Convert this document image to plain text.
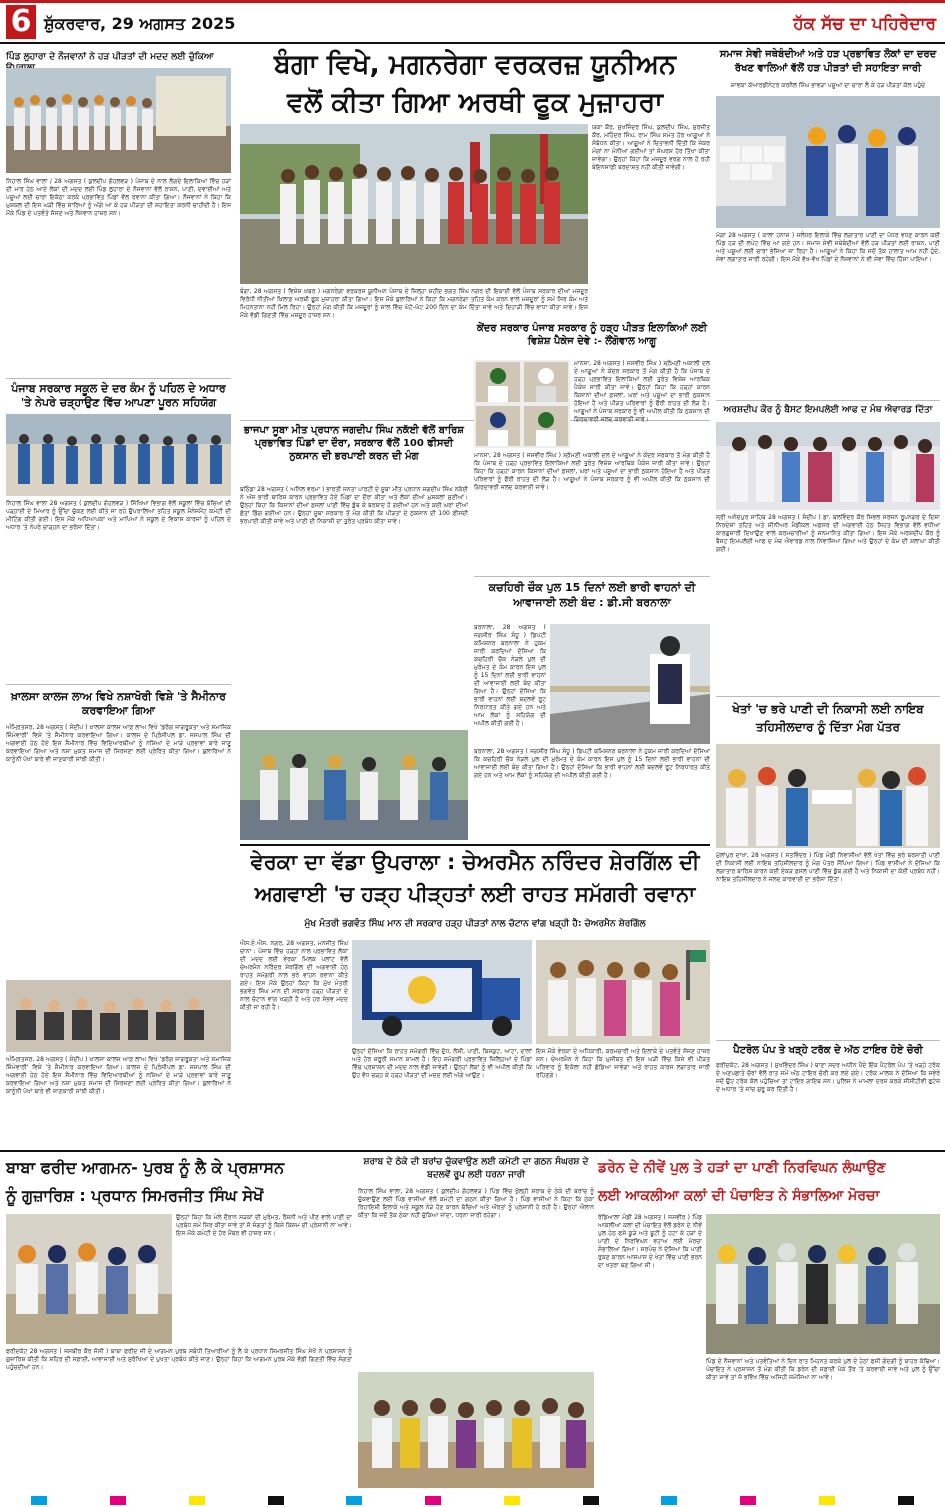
6 ਸ਼ੁੱਕਰਵਾਰ, 29 ਅਗਸਤ 2025	ਹੱਕ ਸੱਚ ਦਾ ਪਹਿਰੇਦਾਰ
ਪਿੰਡ ਲੁਹਾਰਾ ਦੇ ਨੌਜਵਾਨਾਂ ਨੇ ਹੜ ਪੀੜਤਾਂ ਦੀ ਮਦਦ ਲਈ ਚੁੱਕਿਆ
ਨਿਹਾਲ ਸਿੰਘ ਵਾਲਾ / 28 ਅਗਸਤ ( ਕੁਲਦੀਪ ਗੋਹਲਵੜ ) ਪੰਜਾਬ ਦੇ ਨਾਲ ਲੱਗਦੇ ਇਲਾਕਿਆਂ ਵਿੱਚ ਹੜਾਂ ਦੀ ਮਾਰ ਹੇਠ ਆਏ ਲੋਕਾਂ ਦੀ ਮਦਦ ਲਈ ਪਿੰਡ ਲੁਹਾਰਾ ਦੇ ਨੌਜਵਾਨਾਂ ਵੱਲੋਂ ਰਾਸ਼ਨ, ਪਾਣੀ, ਦਵਾਈਆਂ ਅਤੇ ਪਸ਼ੂਆਂ ਲਈ ਚਾਰਾ ਇਕੱਠਾ ਕਰਕੇ ਪ੍ਰਭਾਵਿਤ ਪਿੰਡਾਂ ਵੱਲ ਰਵਾਨਾ ਕੀਤਾ ਗਿਆ। ਨੌਜਵਾਨਾਂ ਨੇ ਕਿਹਾ ਕਿ ਮੁਸ਼ਕਲ ਦੀ ਇਸ ਘੜੀ ਵਿੱਚ ਸਾਰਿਆਂ ਨੂੰ ਅੱਗੇ ਆ ਕੇ ਹੜ ਪੀੜਤਾਂ ਦੀ ਸਹਾਇਤਾ ਕਰਨੀ ਚਾਹੀਦੀ ਹੈ। ਇਸ ਮੌਕੇ ਪਿੰਡ ਦੇ ਪਤਵੰਤੇ ਸੱਜਣ ਅਤੇ ਨੌਜਵਾਨ ਹਾਜ਼ਰ ਸਨ।
ਪੰਜਾਬ ਸਰਕਾਰ ਸਕੂਲ ਦੇ ਦਰ ਕੰਮ ਨੂੰ ਪਹਿਲ ਦੇ ਅਧਾਰ 'ਤੇ ਨੇਪਰੇ ਚੜ੍ਹਾਉਣ ਵਿੱਚ ਆਪਣਾ ਪੂਰਨ ਸਹਿਯੋਗ
ਨਿਹਾਲ ਸਿੰਘ ਵਾਲਾ 28 ਅਗਸਤ ( ਕੁਲਦੀਪ ਗੋਹਲਵੜ ) ਸਿੱਖਿਆ ਵਿਭਾਗ ਵੱਲੋਂ ਸਕੂਲਾਂ ਵਿੱਚ ਬੱਚਿਆਂ ਦੀ ਪੜ੍ਹਾਈ ਦੇ ਮਿਆਰ ਨੂੰ ਉੱਚਾ ਚੁੱਕਣ ਲਈ ਕੀਤੇ ਜਾ ਰਹੇ ਉਪਰਾਲਿਆਂ ਤਹਿਤ ਸਕੂਲ ਮੈਨੇਜਮੈਂਟ ਕਮੇਟੀ ਦੀ ਮੀਟਿੰਗ ਕੀਤੀ ਗਈ। ਇਸ ਮੌਕੇ ਅਧਿਆਪਕਾਂ ਅਤੇ ਮਾਪਿਆਂ ਨੇ ਸਕੂਲ ਦੇ ਵਿਕਾਸ ਕਾਰਜਾਂ ਨੂੰ ਪਹਿਲ ਦੇ ਅਧਾਰ 'ਤੇ ਨੇਪਰੇ ਚਾੜ੍ਹਨ ਦਾ ਭਰੋਸਾ ਦਿੱਤਾ।
ਖ਼ਾਲਸਾ ਕਾਲਜ ਲਾਅ ਵਿਖੇ ਨਸ਼ਾਖੋਰੀ ਵਿਸ਼ੇ 'ਤੇ ਸੈਮੀਨਾਰ ਕਰਵਾਇਆ ਗਿਆ
ਅੰਮ੍ਰਿਤਸਰ, 28 ਅਗਸਤ ( ਸੰਦੀਪ ) ਖ਼ਾਲਸਾ ਕਾਲਜ ਆਫ਼ ਲਾਅ ਵਿਖੇ 'ਡਰੱਗ ਜਾਗਰੂਕਤਾ ਅਤੇ ਸਮਾਜਿਕ ਜ਼ਿੰਮੇਵਾਰੀ' ਵਿਸ਼ੇ 'ਤੇ ਸੈਮੀਨਾਰ ਕਰਵਾਇਆ ਗਿਆ। ਕਾਲਜ ਦੇ ਪ੍ਰਿੰਸੀਪਲ ਡਾ. ਜਸਪਾਲ ਸਿੰਘ ਦੀ ਅਗਵਾਈ ਹੇਠ ਹੋਏ ਇਸ ਸੈਮੀਨਾਰ ਵਿੱਚ ਵਿਦਿਆਰਥੀਆਂ ਨੂੰ ਨਸ਼ਿਆਂ ਦੇ ਮਾੜੇ ਪ੍ਰਭਾਵਾਂ ਬਾਰੇ ਜਾਣੂ ਕਰਵਾਇਆ ਗਿਆ ਅਤੇ ਨਸ਼ਾ ਮੁਕਤ ਸਮਾਜ ਦੀ ਸਿਰਜਣਾ ਲਈ ਪ੍ਰੇਰਿਤ ਕੀਤਾ ਗਿਆ। ਬੁਲਾਰਿਆਂ ਨੇ ਕਾਨੂੰਨੀ ਪੱਖਾਂ ਬਾਰੇ ਵੀ ਜਾਣਕਾਰੀ ਸਾਂਝੀ ਕੀਤੀ।
ਅੰਮ੍ਰਿਤਸਰ, 28 ਅਗਸਤ ( ਸੰਦੀਪ ) ਖ਼ਾਲਸਾ ਕਾਲਜ ਆਫ਼ ਲਾਅ ਵਿਖੇ 'ਡਰੱਗ ਜਾਗਰੂਕਤਾ ਅਤੇ ਸਮਾਜਿਕ ਜ਼ਿੰਮੇਵਾਰੀ' ਵਿਸ਼ੇ 'ਤੇ ਸੈਮੀਨਾਰ ਕਰਵਾਇਆ ਗਿਆ। ਕਾਲਜ ਦੇ ਪ੍ਰਿੰਸੀਪਲ ਡਾ. ਜਸਪਾਲ ਸਿੰਘ ਦੀ ਅਗਵਾਈ ਹੇਠ ਹੋਏ ਇਸ ਸੈਮੀਨਾਰ ਵਿੱਚ ਵਿਦਿਆਰਥੀਆਂ ਨੂੰ ਨਸ਼ਿਆਂ ਦੇ ਮਾੜੇ ਪ੍ਰਭਾਵਾਂ ਬਾਰੇ ਜਾਣੂ ਕਰਵਾਇਆ ਗਿਆ ਅਤੇ ਨਸ਼ਾ ਮੁਕਤ ਸਮਾਜ ਦੀ ਸਿਰਜਣਾ ਲਈ ਪ੍ਰੇਰਿਤ ਕੀਤਾ ਗਿਆ। ਬੁਲਾਰਿਆਂ ਨੇ ਕਾਨੂੰਨੀ ਪੱਖਾਂ ਬਾਰੇ ਵੀ ਜਾਣਕਾਰੀ ਸਾਂਝੀ ਕੀਤੀ।
ਬੰਗਾ ਵਿਖੇ, ਮਗਨਰੇਗਾ ਵਰਕਰਜ਼ ਯੂਨੀਅਨ
ਵਲੋਂ ਕੀਤਾ ਗਿਆ ਅਰਥੀ ਫੂਕ ਮੁਜ਼ਾਹਰਾ
ਯਕਾ ਕੌਰ, ਸੁਖਜਿੰਦਰ ਸਿੰਘ, ਕੁਲਦੀਪ ਸਿੰਘ, ਸੁਰਜੀਤ ਕੌਰ, ਮਹਿੰਦਰ ਸਿੰਘ, ਰਾਮ ਸਿੰਘ ਸਮੇਤ ਹੋਰ ਆਗੂਆਂ ਨੇ ਸੰਬੋਧਨ ਕੀਤਾ। ਆਗੂਆਂ ਨੇ ਚਿਤਾਵਨੀ ਦਿੱਤੀ ਕਿ ਜੇਕਰ ਮੰਗਾਂ ਨਾ ਮੰਨੀਆਂ ਗਈਆਂ ਤਾਂ ਸੰਘਰਸ਼ ਹੋਰ ਤਿੱਖਾ ਕੀਤਾ ਜਾਵੇਗਾ। ਉਨ੍ਹਾਂ ਕਿਹਾ ਕਿ ਮਜ਼ਦੂਰ ਵਰਗ ਨਾਲ ਹੋ ਰਹੀ ਬੇਇਨਸਾਫ਼ੀ ਬਰਦਾਸ਼ਤ ਨਹੀਂ ਕੀਤੀ ਜਾਵੇਗੀ।
ਬੰਗਾ, 28 ਅਗਸਤ ( ਵਿਸ਼ੇਸ਼ ਖ਼ਬਰ ) ਮਗਨਰੇਗਾ ਵਰਕਰਜ਼ ਯੂਨੀਅਨ ਪੰਜਾਬ ਦੇ ਜ਼ਿਲ੍ਹਾ ਸ਼ਹੀਦ ਭਗਤ ਸਿੰਘ ਨਗਰ ਦੀ ਇਕਾਈ ਵੱਲੋਂ ਪੰਜਾਬ ਸਰਕਾਰ ਦੀਆਂ ਮਜ਼ਦੂਰ ਵਿਰੋਧੀ ਨੀਤੀਆਂ ਖ਼ਿਲਾਫ਼ ਅਰਥੀ ਫੂਕ ਮੁਜ਼ਾਹਰਾ ਕੀਤਾ ਗਿਆ। ਇਸ ਮੌਕੇ ਬੁਲਾਰਿਆਂ ਨੇ ਕਿਹਾ ਕਿ ਮਗਨਰੇਗਾ ਤਹਿਤ ਕੰਮ ਕਰਨ ਵਾਲੇ ਮਜ਼ਦੂਰਾਂ ਨੂੰ ਸਮੇਂ ਸਿਰ ਕੰਮ ਅਤੇ ਮਿਹਨਤਾਨਾ ਨਹੀਂ ਮਿਲ ਰਿਹਾ। ਉਨ੍ਹਾਂ ਮੰਗ ਕੀਤੀ ਕਿ ਮਜ਼ਦੂਰਾਂ ਨੂੰ ਸਾਲ ਵਿੱਚ ਘੱਟੋ-ਘੱਟ 200 ਦਿਨ ਦਾ ਕੰਮ ਦਿੱਤਾ ਜਾਵੇ ਅਤੇ ਦਿਹਾੜੀ ਵਿੱਚ ਵਾਧਾ ਕੀਤਾ ਜਾਵੇ। ਇਸ ਮੌਕੇ ਵੱਡੀ ਗਿਣਤੀ ਵਿੱਚ ਮਜ਼ਦੂਰ ਹਾਜ਼ਰ ਸਨ।
ਕੇਂਦਰ ਸਰਕਾਰ ਪੰਜਾਬ ਸਰਕਾਰ ਨੂੰ ਹੜ੍ਹ ਪੀੜਤ ਇਲਾਕਿਆਂ ਲਈ ਵਿਸ਼ੇਸ਼ ਪੈਕੇਜ ਦੇਵੇ :- ਲੌਂਗੋਵਾਲ ਆਗੂ
ਮਾਨਸਾ, 28 ਅਗਸਤ ( ਜਸਵੀਰ ਸਿੰਘ ) ਸ਼੍ਰੋਮਣੀ ਅਕਾਲੀ ਦਲ ਦੇ ਆਗੂਆਂ ਨੇ ਕੇਂਦਰ ਸਰਕਾਰ ਤੋਂ ਮੰਗ ਕੀਤੀ ਹੈ ਕਿ ਪੰਜਾਬ ਦੇ ਹੜ੍ਹ ਪ੍ਰਭਾਵਿਤ ਇਲਾਕਿਆਂ ਲਈ ਤੁਰੰਤ ਵਿਸ਼ੇਸ਼ ਆਰਥਿਕ ਪੈਕੇਜ ਜਾਰੀ ਕੀਤਾ ਜਾਵੇ। ਉਨ੍ਹਾਂ ਕਿਹਾ ਕਿ ਹੜ੍ਹਾਂ ਕਾਰਨ ਕਿਸਾਨਾਂ ਦੀਆਂ ਫ਼ਸਲਾਂ, ਘਰਾਂ ਅਤੇ ਪਸ਼ੂਆਂ ਦਾ ਭਾਰੀ ਨੁਕਸਾਨ ਹੋਇਆ ਹੈ ਅਤੇ ਪੀੜਤ ਪਰਿਵਾਰਾਂ ਨੂੰ ਫੌਰੀ ਰਾਹਤ ਦੀ ਲੋੜ ਹੈ। ਆਗੂਆਂ ਨੇ ਪੰਜਾਬ ਸਰਕਾਰ ਨੂੰ ਵੀ ਅਪੀਲ ਕੀਤੀ ਕਿ ਨੁਕਸਾਨ ਦੀ ਗਿਰਦਾਵਰੀ ਜਲਦ ਕਰਵਾਈ ਜਾਵੇ।
ਮਾਨਸਾ, 28 ਅਗਸਤ ( ਜਸਵੀਰ ਸਿੰਘ ) ਸ਼੍ਰੋਮਣੀ ਅਕਾਲੀ ਦਲ ਦੇ ਆਗੂਆਂ ਨੇ ਕੇਂਦਰ ਸਰਕਾਰ ਤੋਂ ਮੰਗ ਕੀਤੀ ਹੈ ਕਿ ਪੰਜਾਬ ਦੇ ਹੜ੍ਹ ਪ੍ਰਭਾਵਿਤ ਇਲਾਕਿਆਂ ਲਈ ਤੁਰੰਤ ਵਿਸ਼ੇਸ਼ ਆਰਥਿਕ ਪੈਕੇਜ ਜਾਰੀ ਕੀਤਾ ਜਾਵੇ। ਉਨ੍ਹਾਂ ਕਿਹਾ ਕਿ ਹੜ੍ਹਾਂ ਕਾਰਨ ਕਿਸਾਨਾਂ ਦੀਆਂ ਫ਼ਸਲਾਂ, ਘਰਾਂ ਅਤੇ ਪਸ਼ੂਆਂ ਦਾ ਭਾਰੀ ਨੁਕਸਾਨ ਹੋਇਆ ਹੈ ਅਤੇ ਪੀੜਤ ਪਰਿਵਾਰਾਂ ਨੂੰ ਫੌਰੀ ਰਾਹਤ ਦੀ ਲੋੜ ਹੈ। ਆਗੂਆਂ ਨੇ ਪੰਜਾਬ ਸਰਕਾਰ ਨੂੰ ਵੀ ਅਪੀਲ ਕੀਤੀ ਕਿ ਨੁਕਸਾਨ ਦੀ ਗਿਰਦਾਵਰੀ ਜਲਦ ਕਰਵਾਈ ਜਾਵੇ।
ਭਾਜਪਾ ਸੂਬਾ ਮੀਤ ਪ੍ਰਧਾਨ ਜਗਦੀਪ ਸਿੰਘ ਨਕੱਈ ਵੱਲੋਂ ਬਾਰਿਸ਼ ਪ੍ਰਭਾਵਿਤ ਪਿੰਡਾਂ ਦਾ ਦੌਰਾ, ਸਰਕਾਰ ਵੱਲੋਂ 100 ਫੀਸਦੀ ਨੁਕਸਾਨ ਦੀ ਭਰਪਾਈ ਕਰਨ ਦੀ ਮੰਗ
ਬਠਿੰਡਾ 28 ਅਗਸਤ ( ਅਨਿਲ ਵਰਮਾ ) ਭਾਰਤੀ ਜਨਤਾ ਪਾਰਟੀ ਦੇ ਸੂਬਾ ਮੀਤ ਪ੍ਰਧਾਨ ਜਗਦੀਪ ਸਿੰਘ ਨਕੱਈ ਨੇ ਅੱਜ ਭਾਰੀ ਬਾਰਿਸ਼ ਕਾਰਨ ਪ੍ਰਭਾਵਿਤ ਹੋਏ ਪਿੰਡਾਂ ਦਾ ਦੌਰਾ ਕੀਤਾ ਅਤੇ ਲੋਕਾਂ ਦੀਆਂ ਮੁਸ਼ਕਲਾਂ ਸੁਣੀਆਂ। ਉਨ੍ਹਾਂ ਕਿਹਾ ਕਿ ਕਿਸਾਨਾਂ ਦੀਆਂ ਫ਼ਸਲਾਂ ਪਾਣੀ ਵਿੱਚ ਡੁੱਬ ਕੇ ਬਰਬਾਦ ਹੋ ਗਈਆਂ ਹਨ ਅਤੇ ਕਈ ਘਰਾਂ ਦੀਆਂ ਛੱਤਾਂ ਡਿੱਗ ਗਈਆਂ ਹਨ। ਉਨ੍ਹਾਂ ਸੂਬਾ ਸਰਕਾਰ ਤੋਂ ਮੰਗ ਕੀਤੀ ਕਿ ਪੀੜਤਾਂ ਦੇ ਨੁਕਸਾਨ ਦੀ 100 ਫੀਸਦੀ ਭਰਪਾਈ ਕੀਤੀ ਜਾਵੇ ਅਤੇ ਪਾਣੀ ਦੀ ਨਿਕਾਸੀ ਦਾ ਤੁਰੰਤ ਪ੍ਰਬੰਧ ਕੀਤਾ ਜਾਵੇ।
ਕਚਹਿਰੀ ਚੌਕ ਪੁਲ 15 ਦਿਨਾਂ ਲਈ ਭਾਰੀ ਵਾਹਨਾਂ ਦੀ ਆਵਾਜਾਈ ਲਈ ਬੰਦ : ਡੀ.ਸੀ ਬਰਨਾਲਾ
ਬਰਨਾਲਾ, 28 ਅਗਸਤ ( ਜਗਸੀਰ ਸਿੰਘ ਸੰਧੂ ) ਡਿਪਟੀ ਕਮਿਸ਼ਨਰ ਬਰਨਾਲਾ ਨੇ ਹੁਕਮ ਜਾਰੀ ਕਰਦਿਆਂ ਦੱਸਿਆ ਕਿ ਕਚਹਿਰੀ ਚੌਕ ਨੇੜਲੇ ਪੁਲ ਦੀ ਮੁਰੰਮਤ ਦੇ ਕੰਮ ਕਾਰਨ ਇਸ ਪੁਲ ਨੂੰ 15 ਦਿਨਾਂ ਲਈ ਭਾਰੀ ਵਾਹਨਾਂ ਦੀ ਆਵਾਜਾਈ ਲਈ ਬੰਦ ਕੀਤਾ ਗਿਆ ਹੈ। ਉਨ੍ਹਾਂ ਦੱਸਿਆ ਕਿ ਭਾਰੀ ਵਾਹਨਾਂ ਲਈ ਬਦਲਵੇਂ ਰੂਟ ਨਿਰਧਾਰਤ ਕੀਤੇ ਗਏ ਹਨ ਅਤੇ ਆਮ ਲੋਕਾਂ ਨੂੰ ਸਹਿਯੋਗ ਦੀ ਅਪੀਲ ਕੀਤੀ ਗਈ ਹੈ।
ਬਰਨਾਲਾ, 28 ਅਗਸਤ ( ਜਗਸੀਰ ਸਿੰਘ ਸੰਧੂ ) ਡਿਪਟੀ ਕਮਿਸ਼ਨਰ ਬਰਨਾਲਾ ਨੇ ਹੁਕਮ ਜਾਰੀ ਕਰਦਿਆਂ ਦੱਸਿਆ ਕਿ ਕਚਹਿਰੀ ਚੌਕ ਨੇੜਲੇ ਪੁਲ ਦੀ ਮੁਰੰਮਤ ਦੇ ਕੰਮ ਕਾਰਨ ਇਸ ਪੁਲ ਨੂੰ 15 ਦਿਨਾਂ ਲਈ ਭਾਰੀ ਵਾਹਨਾਂ ਦੀ ਆਵਾਜਾਈ ਲਈ ਬੰਦ ਕੀਤਾ ਗਿਆ ਹੈ। ਉਨ੍ਹਾਂ ਦੱਸਿਆ ਕਿ ਭਾਰੀ ਵਾਹਨਾਂ ਲਈ ਬਦਲਵੇਂ ਰੂਟ ਨਿਰਧਾਰਤ ਕੀਤੇ ਗਏ ਹਨ ਅਤੇ ਆਮ ਲੋਕਾਂ ਨੂੰ ਸਹਿਯੋਗ ਦੀ ਅਪੀਲ ਕੀਤੀ ਗਈ ਹੈ।
ਵੇਰਕਾ ਦਾ ਵੱਡਾ ਉਪਰਾਲਾ : ਚੇਅਰਮੈਨ ਨਰਿੰਦਰ ਸ਼ੇਰਗਿੱਲ ਦੀ
ਅਗਵਾਈ 'ਚ ਹੜ੍ਹ ਪੀੜ੍ਹਤਾਂ ਲਈ ਰਾਹਤ ਸਮੱਗਰੀ ਰਵਾਨਾ
ਮੁੱਖ ਮੰਤਰੀ ਭਗਵੰਤ ਸਿੰਘ ਮਾਨ ਦੀ ਸਰਕਾਰ ਹੜ੍ਹ ਪੀੜਤਾਂ ਨਾਲ ਚੱਟਾਨ ਵਾਂਗ ਖੜ੍ਹੀ ਹੈ: ਚੇਅਰਮੈਨ ਸ਼ੇਰਗਿੱਲ
ਐਸ.ਏ.ਐਸ. ਨਗਰ, 28 ਅਗਸਤ, ਮਨਜੀਤ ਸਿੰਘ ਚਾਨਾ : ਪੰਜਾਬ ਵਿੱਚ ਹੜ੍ਹਾਂ ਨਾਲ ਪ੍ਰਭਾਵਿਤ ਲੋਕਾਂ ਦੀ ਮਦਦ ਲਈ ਵੇਰਕਾ ਮਿਲਕ ਪਲਾਂਟ ਵੱਲੋਂ ਚੇਅਰਮੈਨ ਨਰਿੰਦਰ ਸ਼ੇਰਗਿੱਲ ਦੀ ਅਗਵਾਈ ਹੇਠ ਰਾਹਤ ਸਮੱਗਰੀ ਨਾਲ ਭਰੇ ਵਾਹਨ ਰਵਾਨਾ ਕੀਤੇ ਗਏ। ਇਸ ਮੌਕੇ ਉਨ੍ਹਾਂ ਕਿਹਾ ਕਿ ਮੁੱਖ ਮੰਤਰੀ ਭਗਵੰਤ ਸਿੰਘ ਮਾਨ ਦੀ ਸਰਕਾਰ ਹੜ੍ਹ ਪੀੜਤਾਂ ਦੇ ਨਾਲ ਚੱਟਾਨ ਵਾਂਗ ਖੜ੍ਹੀ ਹੈ ਅਤੇ ਹਰ ਸੰਭਵ ਮਦਦ ਕੀਤੀ ਜਾ ਰਹੀ ਹੈ।
ਉਨ੍ਹਾਂ ਦੱਸਿਆ ਕਿ ਰਾਹਤ ਸਮੱਗਰੀ ਵਿੱਚ ਦੁੱਧ, ਲੱਸੀ, ਪਾਣੀ, ਬਿਸਕੁਟ, ਆਟਾ, ਦਾਲਾਂ ਅਤੇ ਹੋਰ ਜ਼ਰੂਰੀ ਸਮਾਨ ਸ਼ਾਮਲ ਹੈ। ਇਹ ਸਮੱਗਰੀ ਪ੍ਰਭਾਵਿਤ ਜ਼ਿਲ੍ਹਿਆਂ ਦੇ ਪਿੰਡਾਂ ਵਿੱਚ ਪ੍ਰਸ਼ਾਸਨ ਦੀ ਮਦਦ ਨਾਲ ਵੰਡੀ ਜਾਵੇਗੀ। ਉਨ੍ਹਾਂ ਲੋਕਾਂ ਨੂੰ ਵੀ ਅਪੀਲ ਕੀਤੀ ਕਿ ਉਹ ਵੱਧ ਚੜ੍ਹ ਕੇ ਹੜ੍ਹ ਪੀੜਤਾਂ ਦੀ ਮਦਦ ਲਈ ਅੱਗੇ ਆਉਣ।
ਇਸ ਮੌਕੇ ਵੇਰਕਾ ਦੇ ਅਧਿਕਾਰੀ, ਕਰਮਚਾਰੀ ਅਤੇ ਇਲਾਕੇ ਦੇ ਪਤਵੰਤੇ ਸੱਜਣ ਹਾਜ਼ਰ ਸਨ। ਚੇਅਰਮੈਨ ਨੇ ਕਿਹਾ ਕਿ ਮੁਸੀਬਤ ਦੀ ਇਸ ਘੜੀ ਵਿੱਚ ਕਿਸੇ ਵੀ ਪੀੜਤ ਪਰਿਵਾਰ ਨੂੰ ਇਕੱਲਾ ਨਹੀਂ ਛੱਡਿਆ ਜਾਵੇਗਾ ਅਤੇ ਰਾਹਤ ਕਾਰਜ ਲਗਾਤਾਰ ਜਾਰੀ ਰਹਿਣਗੇ।
ਸਮਾਜ ਸੇਵੀ ਜਥੇਬੰਦੀਆਂ ਅਤੇ ਹੜ ਪ੍ਰਭਾਵਿਤ ਲੋਕਾਂ ਦਾ ਦਰਦ ਰੱਖਣ ਵਾਲਿਆਂ ਵੱਲੋਂ ਹੜ ਪੀੜਤਾਂ ਦੀ ਸਹਾਇਤਾ ਜਾਰੀ
ਸ਼ਾਵਕਾ ਕੋਆਰਡੀਨੇਟਰ ਕਰਨੈਲ ਸਿੰਘ ਭਾਵੜਾ ਪਸ਼ੂਆਂ ਦਾ ਚਾਰਾ ਲੈ ਕੇ ਹੜ ਪੀੜਤਾਂ ਕੋਲ ਪਹੁੰਚੇ
ਮੋਗਾ 28 ਅਗਸਤ ( ਕਾਲਾ ਹਨਾਸ ) ਜਲੰਧਰ ਇਲਾਕੇ ਵਿੱਚ ਲਗਾਤਾਰ ਪਾਣੀ ਦਾ ਪੱਧਰ ਵਧਣ ਕਾਰਨ ਕਈ ਪਿੰਡ ਹੜ ਦੀ ਲਪੇਟ ਵਿੱਚ ਆ ਗਏ ਹਨ। ਸਮਾਜ ਸੇਵੀ ਜਥੇਬੰਦੀਆਂ ਵੱਲੋਂ ਹੜ ਪੀੜਤਾਂ ਲਈ ਰਾਸ਼ਨ, ਪਾਣੀ ਅਤੇ ਪਸ਼ੂਆਂ ਲਈ ਚਾਰਾ ਭੇਜਿਆ ਜਾ ਰਿਹਾ ਹੈ। ਆਗੂਆਂ ਨੇ ਕਿਹਾ ਕਿ ਜਦੋਂ ਤੱਕ ਹਾਲਾਤ ਆਮ ਨਹੀਂ ਹੁੰਦੇ, ਸੇਵਾ ਲਗਾਤਾਰ ਜਾਰੀ ਰਹੇਗੀ। ਇਸ ਮੌਕੇ ਵੱਖ-ਵੱਖ ਪਿੰਡਾਂ ਦੇ ਨੌਜਵਾਨਾਂ ਨੇ ਵੀ ਸੇਵਾ ਵਿੱਚ ਹਿੱਸਾ ਪਾਇਆ।
ਅਰਸ਼ਦੀਪ ਕੌਰ ਨੂੰ ਬੈਸਟ ਇਮਪਲੋਈ ਆਫ ਦ ਮੰਥ ਐਵਾਰਡ ਦਿੱਤਾ
ਸ੍ਰੀ ਅਨੰਦਪੁਰ ਸਾਹਿਬ 28 ਅਗਸਤ ( ਸੰਦੀਪ ) ਡਾ. ਬਲਵਿੰਦਰ ਕੌਰ ਸਿਵਲ ਸਰਜਨ ਰੂਪਨਗਰ ਦੇ ਦਿਸ਼ਾ ਨਿਰਦੇਸ਼ਾਂ ਤਹਿਤ ਅਤੇ ਸੀਨੀਅਰ ਮੈਡੀਕਲ ਅਫ਼ਸਰ ਦੀ ਅਗਵਾਈ ਹੇਠ ਸਿਹਤ ਵਿਭਾਗ ਵੱਲੋਂ ਵਧੀਆ ਕਾਰਗੁਜ਼ਾਰੀ ਦਿਖਾਉਣ ਵਾਲੇ ਕਰਮਚਾਰੀਆਂ ਨੂੰ ਸਨਮਾਨਿਤ ਕੀਤਾ ਗਿਆ। ਇਸ ਮੌਕੇ ਅਰਸ਼ਦੀਪ ਕੌਰ ਨੂੰ ਬੈਸਟ ਇਮਪਲੋਈ ਆਫ ਦ ਮੰਥ ਐਵਾਰਡ ਨਾਲ ਨਿਵਾਜਿਆ ਗਿਆ ਅਤੇ ਉਨ੍ਹਾਂ ਦੇ ਕੰਮ ਦੀ ਸ਼ਲਾਘਾ ਕੀਤੀ ਗਈ।
ਖੇਤਾਂ 'ਚ ਭਰੇ ਪਾਣੀ ਦੀ ਨਿਕਾਸੀ ਲਈ ਨਾਇਬ ਤਹਿਸੀਲਦਾਰ ਨੂੰ ਦਿੱਤਾ ਮੰਗ ਪੱਤਰ
ਮੁੱਲਾਂਪੁਰ ਦਾਖਾ, 28 ਅਗਸਤ ( ਸਤਵਿੰਦਰ ) ਪਿੰਡ ਮੰਡੀ ਨਿਵਾਸੀਆਂ ਵੱਲੋਂ ਖੇਤਾਂ ਵਿੱਚ ਭਰੇ ਬਰਸਾਤੀ ਪਾਣੀ ਦੀ ਨਿਕਾਸੀ ਲਈ ਨਾਇਬ ਤਹਿਸੀਲਦਾਰ ਨੂੰ ਮੰਗ ਪੱਤਰ ਸੌਂਪਿਆ ਗਿਆ। ਪਿੰਡ ਵਾਸੀਆਂ ਨੇ ਦੱਸਿਆ ਕਿ ਲਗਾਤਾਰ ਬਾਰਿਸ਼ ਕਾਰਨ ਕਈ ਏਕੜ ਫ਼ਸਲ ਪਾਣੀ ਵਿੱਚ ਡੁੱਬ ਗਈ ਹੈ ਅਤੇ ਨਿਕਾਸੀ ਦਾ ਕੋਈ ਪ੍ਰਬੰਧ ਨਹੀਂ। ਨਾਇਬ ਤਹਿਸੀਲਦਾਰ ਨੇ ਜਲਦ ਕਾਰਵਾਈ ਦਾ ਭਰੋਸਾ ਦਿੱਤਾ।
ਪੈਟਰੋਲ ਪੰਪ ਤੇ ਖੜ੍ਹੇ ਟਰੱਕ ਦੇ ਅੱਠ ਟਾਇਰ ਹੋਏ ਚੋਰੀ
ਫਰੀਦਕੋਟ, 28 ਅਗਸਤ ( ਸੁਖਵਿੰਦਰ ਸਿੰਘ ) ਥਾਣਾ ਸਦਰ ਅਧੀਨ ਪੈਂਦੇ ਇੱਕ ਪੈਟਰੋਲ ਪੰਪ 'ਤੇ ਖੜ੍ਹੇ ਟਰੱਕ ਦੇ ਅਣਪਛਾਤੇ ਚੋਰਾਂ ਵੱਲੋਂ ਰਾਤ ਸਮੇਂ ਅੱਠ ਟਾਇਰ ਚੋਰੀ ਕਰ ਲਏ ਗਏ। ਟਰੱਕ ਮਾਲਕ ਨੇ ਦੱਸਿਆ ਕਿ ਸਵੇਰੇ ਜਦੋਂ ਉਹ ਟਰੱਕ ਕੋਲ ਪਹੁੰਚਿਆ ਤਾਂ ਟਾਇਰ ਗਾਇਬ ਸਨ। ਪੁਲਿਸ ਨੇ ਮਾਮਲਾ ਦਰਜ ਕਰਕੇ ਸੀਸੀਟੀਵੀ ਫੁਟੇਜ ਦੇ ਅਧਾਰ 'ਤੇ ਜਾਂਚ ਸ਼ੁਰੂ ਕਰ ਦਿੱਤੀ ਹੈ।
ਬਾਬਾ ਫਰੀਦ ਆਗਮਨ- ਪੁਰਬ ਨੂੰ ਲੈ ਕੇ ਪ੍ਰਸ਼ਾਸਨ
ਨੂੰ ਗੁਜ਼ਾਰਿਸ਼ : ਪ੍ਰਧਾਨ ਸਿਮਰਜੀਤ ਸਿੰਘ ਸੇਖੋਂ
ਉਨ੍ਹਾਂ ਕਿਹਾ ਕਿ ਮੇਲੇ ਦੌਰਾਨ ਸੜਕਾਂ ਦੀ ਮੁਰੰਮਤ, ਰੌਸ਼ਨੀ ਅਤੇ ਪੀਣ ਵਾਲੇ ਪਾਣੀ ਦਾ ਪ੍ਰਬੰਧ ਸਮੇਂ ਸਿਰ ਕੀਤਾ ਜਾਵੇ ਤਾਂ ਜੋ ਸੰਗਤਾਂ ਨੂੰ ਕਿਸੇ ਕਿਸਮ ਦੀ ਪ੍ਰੇਸ਼ਾਨੀ ਨਾ ਆਵੇ। ਇਸ ਮੌਕੇ ਕਮੇਟੀ ਦੇ ਹੋਰ ਮੈਂਬਰ ਵੀ ਹਾਜ਼ਰ ਸਨ।
ਫਰੀਦਕੋਟ 28 ਅਗਸਤ ( ਜਸਬੀਰ ਕੌਰ ਜੱਸੀ ) ਬਾਬਾ ਫਰੀਦ ਜੀ ਦੇ ਆਗਮਨ ਪੁਰਬ ਸਬੰਧੀ ਤਿਆਰੀਆਂ ਨੂੰ ਲੈ ਕੇ ਪ੍ਰਧਾਨ ਸਿਮਰਜੀਤ ਸਿੰਘ ਸੇਖੋਂ ਨੇ ਪ੍ਰਸ਼ਾਸਨ ਨੂੰ ਗੁਜ਼ਾਰਿਸ਼ ਕੀਤੀ ਕਿ ਸ਼ਹਿਰ ਦੀ ਸਫ਼ਾਈ, ਆਵਾਜਾਈ ਅਤੇ ਸੁਰੱਖਿਆ ਦੇ ਪੁਖਤਾ ਪ੍ਰਬੰਧ ਕੀਤੇ ਜਾਣ। ਉਨ੍ਹਾਂ ਕਿਹਾ ਕਿ ਆਗਮਨ ਪੁਰਬ ਮੌਕੇ ਵੱਡੀ ਗਿਣਤੀ ਵਿੱਚ ਸੰਗਤਾਂ ਪਹੁੰਚਦੀਆਂ ਹਨ।
ਸ਼ਰਾਬ ਦੇ ਠੇਕੇ ਦੀ ਬਰਾਂਚ ਚੁੱਕਵਾਉਣ ਲਈ ਕਮੇਟੀ ਦਾ ਗਠਨ ਸੰਘਰਸ਼ ਦੇ ਬਦਲਵੇਂ ਰੂਪ ਲਈ ਧਰਨਾ ਜਾਰੀ
ਨਿਹਾਲ ਸਿੰਘ ਵਾਲਾ, 28 ਅਗਸਤ ( ਕੁਲਦੀਪ ਗੋਹਲਵੜ ) ਪਿੰਡ ਵਿੱਚ ਖੁੱਲ੍ਹੀ ਸ਼ਰਾਬ ਦੇ ਠੇਕੇ ਦੀ ਬਰਾਂਚ ਨੂੰ ਚੁੱਕਵਾਉਣ ਲਈ ਪਿੰਡ ਵਾਸੀਆਂ ਵੱਲੋਂ ਕਮੇਟੀ ਦਾ ਗਠਨ ਕੀਤਾ ਗਿਆ ਹੈ। ਪਿੰਡ ਵਾਸੀਆਂ ਨੇ ਕਿਹਾ ਕਿ ਠੇਕਾ ਰਿਹਾਇਸ਼ੀ ਇਲਾਕੇ ਅਤੇ ਸਕੂਲ ਨੇੜੇ ਹੋਣ ਕਾਰਨ ਬੱਚਿਆਂ ਅਤੇ ਔਰਤਾਂ ਨੂੰ ਪ੍ਰੇਸ਼ਾਨੀ ਹੋ ਰਹੀ ਹੈ। ਉਨ੍ਹਾਂ ਐਲਾਨ ਕੀਤਾ ਕਿ ਜਦੋਂ ਤੱਕ ਠੇਕਾ ਨਹੀਂ ਚੁੱਕਿਆ ਜਾਂਦਾ, ਧਰਨਾ ਜਾਰੀ ਰਹੇਗਾ।
ਡਰੇਨ ਦੇ ਨੀਵੇਂ ਪੁਲ ਤੇ ਹੜਾਂ ਦਾ ਪਾਣੀ ਨਿਰਵਿਘਨ ਲੰਘਾਉਣ
ਲਈ ਆਕਲੀਆ ਕਲਾਂ ਦੀ ਪੰਚਾਇਤ ਨੇ ਸੰਭਾਲਿਆ ਮੋਰਚਾ
ਰੋਡਿਆਲਾ ਮੰਡੀ 28 ਅਗਸਤ ( ਜਸਵੀਰ ) ਪਿੰਡ ਆਕਲੀਆ ਕਲਾਂ ਦੀ ਪੰਚਾਇਤ ਵੱਲੋਂ ਡਰੇਨ ਦੇ ਨੀਵੇਂ ਪੁਲ ਹੇਠ ਫਸੇ ਕੂੜੇ ਅਤੇ ਬੂਟੀ ਨੂੰ ਹਟਾ ਕੇ ਹੜਾਂ ਦੇ ਪਾਣੀ ਦੇ ਨਿਰਵਿਘਨ ਵਹਾਅ ਲਈ ਮੋਰਚਾ ਸੰਭਾਲਿਆ ਗਿਆ। ਸਰਪੰਚ ਨੇ ਦੱਸਿਆ ਕਿ ਪਾਣੀ ਰੁਕਣ ਕਾਰਨ ਆਸਪਾਸ ਦੇ ਖੇਤਾਂ ਵਿੱਚ ਪਾਣੀ ਭਰਨ ਦਾ ਖਤਰਾ ਬਣ ਗਿਆ ਸੀ।
ਪਿੰਡ ਦੇ ਨੌਜਵਾਨਾਂ ਅਤੇ ਪਤਵੰਤਿਆਂ ਨੇ ਦਿਨ ਰਾਤ ਮਿਹਨਤ ਕਰਕੇ ਪੁਲ ਦੇ ਹੇਠਾਂ ਫਸੀ ਗੰਦਗੀ ਨੂੰ ਬਾਹਰ ਕੱਢਿਆ। ਪੰਚਾਇਤ ਨੇ ਪ੍ਰਸ਼ਾਸਨ ਤੋਂ ਮੰਗ ਕੀਤੀ ਕਿ ਡਰੇਨ ਦੀ ਸਫ਼ਾਈ ਪੱਕੇ ਤੌਰ 'ਤੇ ਕਰਵਾਈ ਜਾਵੇ ਅਤੇ ਪੁਲ ਨੂੰ ਉੱਚਾ ਕੀਤਾ ਜਾਵੇ ਤਾਂ ਜੋ ਭਵਿੱਖ ਵਿੱਚ ਅਜਿਹੀ ਸਮੱਸਿਆ ਨਾ ਆਵੇ।
